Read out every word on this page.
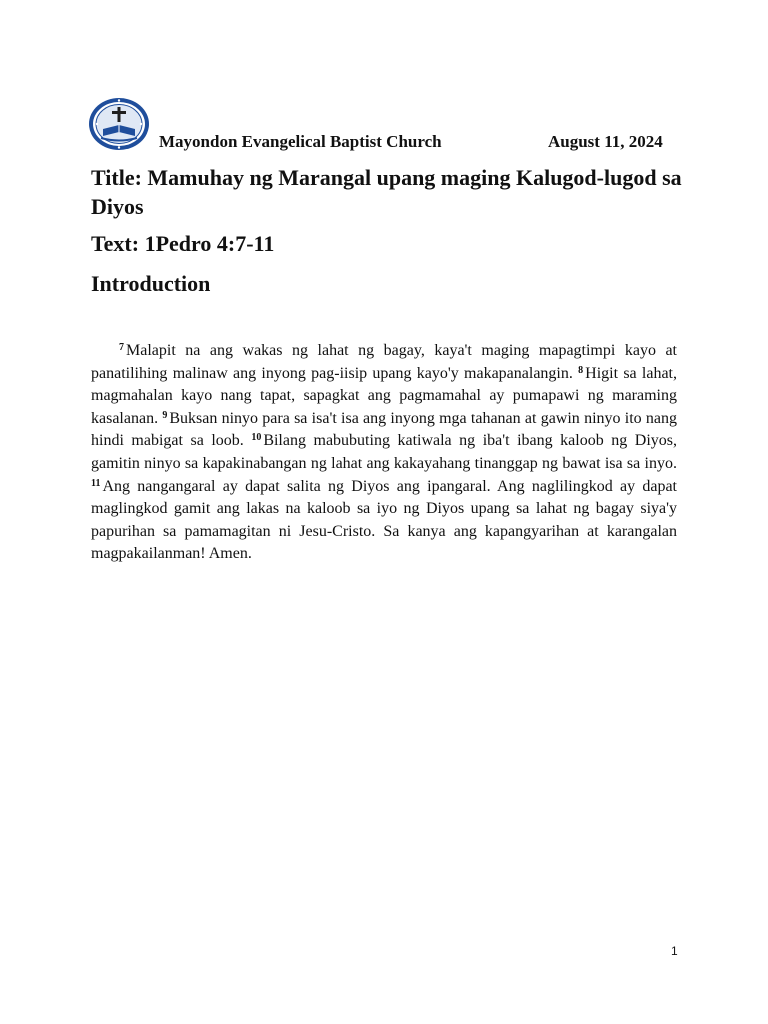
Mayondon Evangelical Baptist Church	August 11, 2024
Title: Mamuhay ng Marangal upang maging Kalugod-lugod sa Diyos
Text: 1Pedro 4:7-11
Introduction

$^7$ Malapit na ang wakas ng lahat ng bagay, kaya't maging mapagtimpi kayo at panatilihing malinaw ang inyong pag-iisip upang kayo'y makapanalangin. $^8$ Higit sa lahat, magmahalan kayo nang tapat, sapagkat ang pagmamahal ay pumapawi ng maraming kasalanan. $^9$ Buksan ninyo para sa isa't isa ang inyong mga tahanan at gawin ninyo ito nang hindi mabigat sa loob. $^{10}$ Bilang mabubuting katiwala ng iba't ibang kaloob ng Diyos, gamitin ninyo sa kapakinabangan ng lahat ang kakayahang tinanggap ng bawat isa sa inyo. $^{11}$ Ang nangangaral ay dapat salita ng Diyos ang ipangaral. Ang naglilingkod ay dapat maglingkod gamit ang lakas na kaloob sa iyo ng Diyos upang sa lahat ng bagay siya'y papurihan sa pamamagitan ni Jesu-Cristo. Sa kanya ang kapangyarihan at karangalan magpakailanman! Amen.

1
